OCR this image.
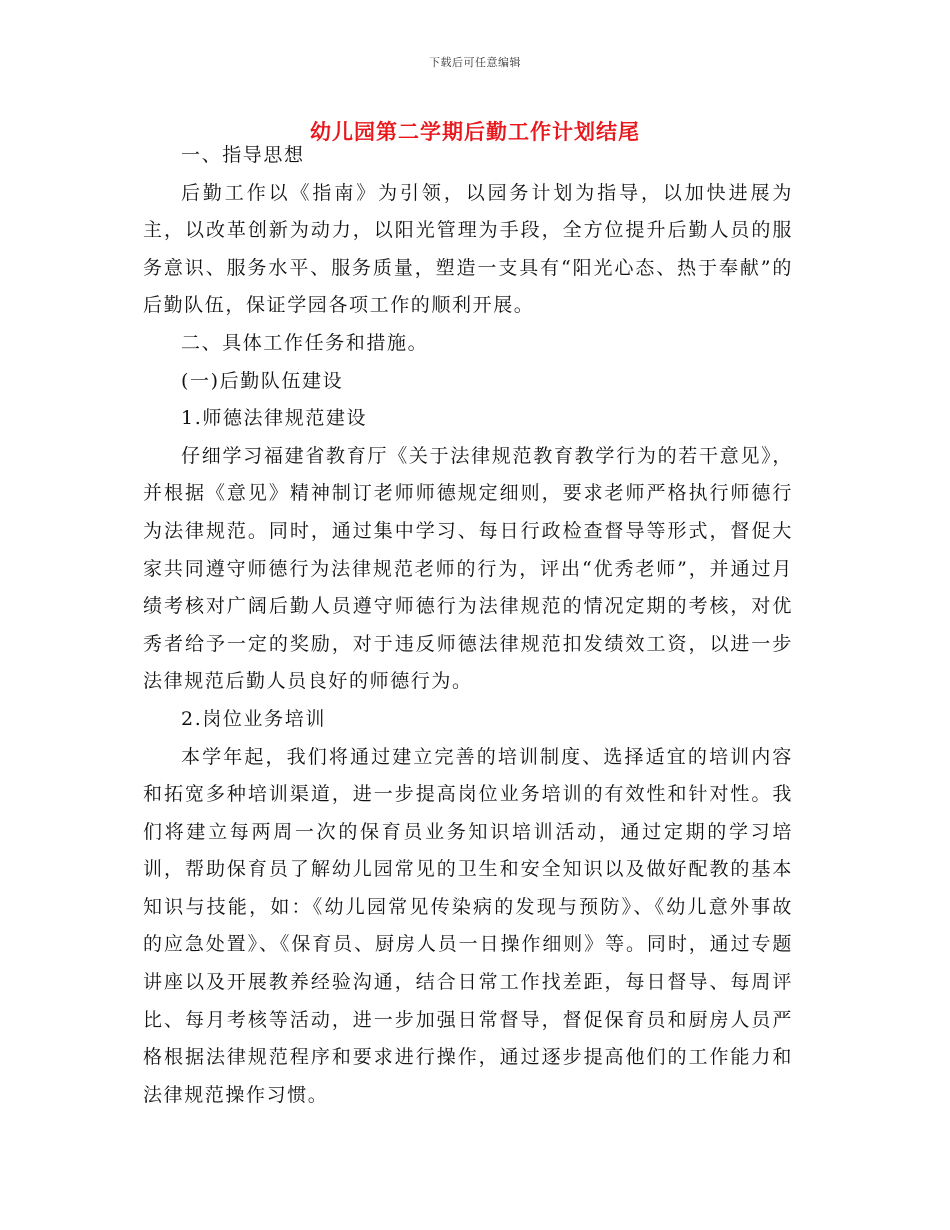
下载后可任意编辑
幼儿园第二学期后勤工作计划结尾

一、指导思想

后勤工作以《指南》为引领，以园务计划为指导，以加快进展为主，以改革创新为动力，以阳光管理为手段，全方位提升后勤人员的服务意识、服务水平、服务质量，塑造一支具有“阳光心态、热于奉献”的后勤队伍，保证学园各项工作的顺利开展。

二、具体工作任务和措施。

(一)后勤队伍建设

1.师德法律规范建设

仔细学习福建省教育厅《关于法律规范教育教学行为的若干意见》，并根据《意见》精神制订老师师德规定细则，要求老师严格执行师德行为法律规范。同时，通过集中学习、每日行政检查督导等形式，督促大家共同遵守师德行为法律规范老师的行为，评出“优秀老师”，并通过月绩考核对广阔后勤人员遵守师德行为法律规范的情况定期的考核，对优秀者给予一定的奖励，对于违反师德法律规范扣发绩效工资，以进一步法律规范后勤人员良好的师德行为。

2.岗位业务培训

本学年起，我们将通过建立完善的培训制度、选择适宜的培训内容和拓宽多种培训渠道，进一步提高岗位业务培训的有效性和针对性。我们将建立每两周一次的保育员业务知识培训活动，通过定期的学习培训，帮助保育员了解幼儿园常见的卫生和安全知识以及做好配教的基本知识与技能，如：《幼儿园常见传染病的发现与预防》、《幼儿意外事故的应急处置》、《保育员、厨房人员一日操作细则》等。同时，通过专题讲座以及开展教养经验沟通，结合日常工作找差距，每日督导、每周评比、每月考核等活动，进一步加强日常督导，督促保育员和厨房人员严格根据法律规范程序和要求进行操作，通过逐步提高他们的工作能力和法律规范操作习惯。
